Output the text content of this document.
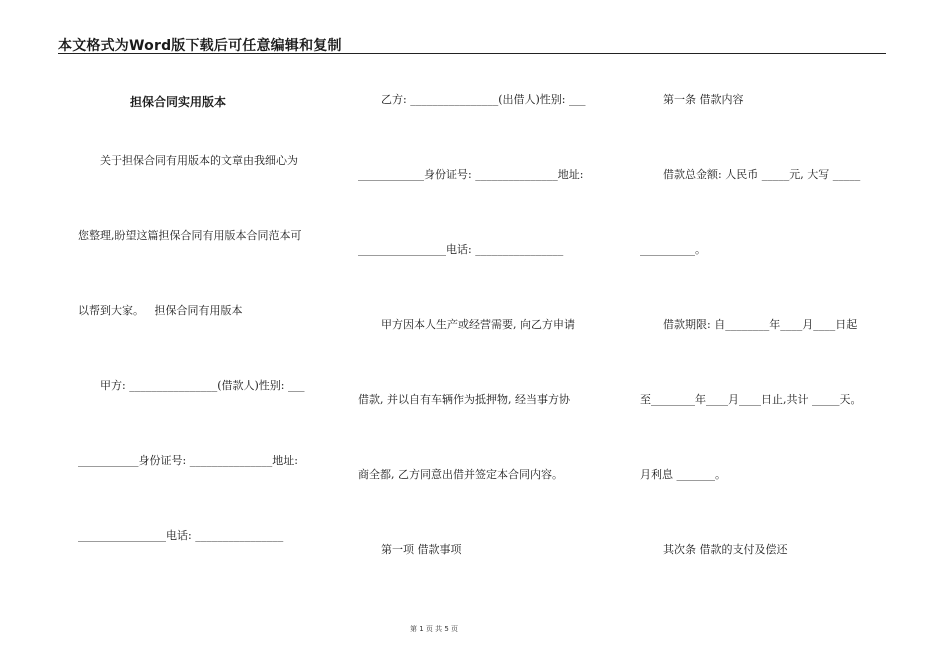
本文格式为Word版下载后可任意编辑和复制
担保合同实用版本
关于担保合同有用版本的文章由我细心为
您整理,盼望这篇担保合同有用版本合同范本可
以帮到大家。   担保合同有用版本
甲方: ________________(借款人)性别: ___
___________身份证号: _______________地址:
________________电话: ________________
乙方: ________________(出借人)性别: ___
____________身份证号: _______________地址:
________________电话: ________________
甲方因本人生产或经营需要, 向乙方申请
借款, 并以自有车辆作为抵押物, 经当事方协
商全都, 乙方同意出借并签定本合同内容。
第一项 借款事项
第一条 借款内容
借款总金额: 人民币 _____元, 大写 _____
__________。
借款期限: 自________年____月____日起
至________年____月____日止,共计 _____天。
月利息 _______。
其次条 借款的支付及偿还
第 1 页 共 5 页
